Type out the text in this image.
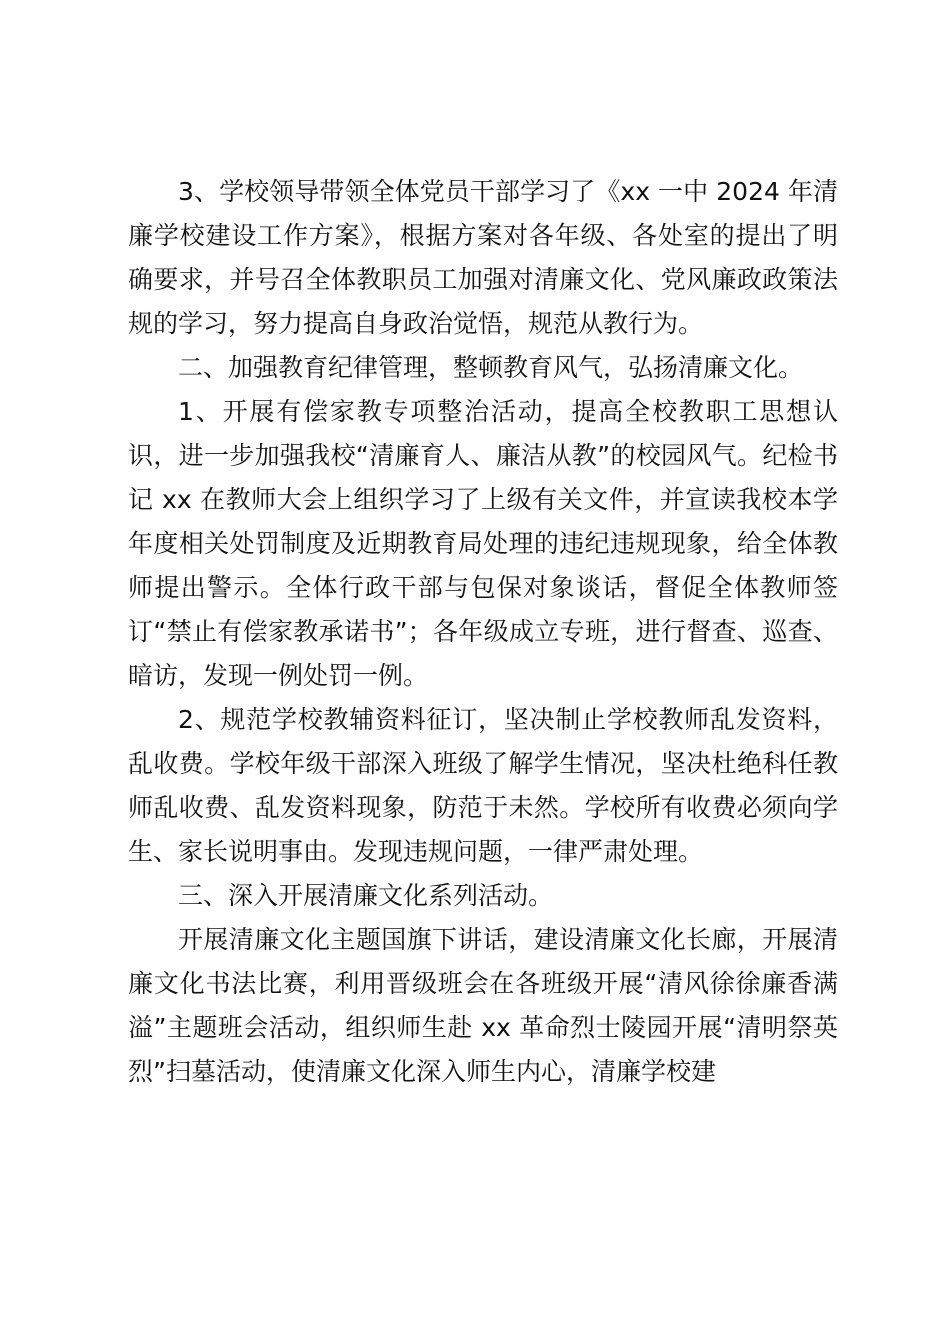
3、学校领导带领全体党员干部学习了《xx 一中 2024 年清廉学校建设工作方案》，根据方案对各年级、各处室的提出了明确要求，并号召全体教职员工加强对清廉文化、党风廉政政策法规的学习，努力提高自身政治觉悟，规范从教行为。

二、加强教育纪律管理，整顿教育风气，弘扬清廉文化。

1、开展有偿家教专项整治活动，提高全校教职工思想认识，进一步加强我校“清廉育人、廉洁从教”的校园风气。纪检书记 xx 在教师大会上组织学习了上级有关文件，并宣读我校本学年度相关处罚制度及近期教育局处理的违纪违规现象，给全体教师提出警示。全体行政干部与包保对象谈话，督促全体教师签订“禁止有偿家教承诺书”；各年级成立专班，进行督查、巡查、暗访，发现一例处罚一例。

2、规范学校教辅资料征订，坚决制止学校教师乱发资料，乱收费。学校年级干部深入班级了解学生情况，坚决杜绝科任教师乱收费、乱发资料现象，防范于未然。学校所有收费必须向学生、家长说明事由。发现违规问题，一律严肃处理。

三、深入开展清廉文化系列活动。

开展清廉文化主题国旗下讲话，建设清廉文化长廊，开展清廉文化书法比赛，利用晋级班会在各班级开展“清风徐徐廉香满溢”主题班会活动，组织师生赴 xx 革命烈士陵园开展“清明祭英烈”扫墓活动，使清廉文化深入师生内心，清廉学校建
